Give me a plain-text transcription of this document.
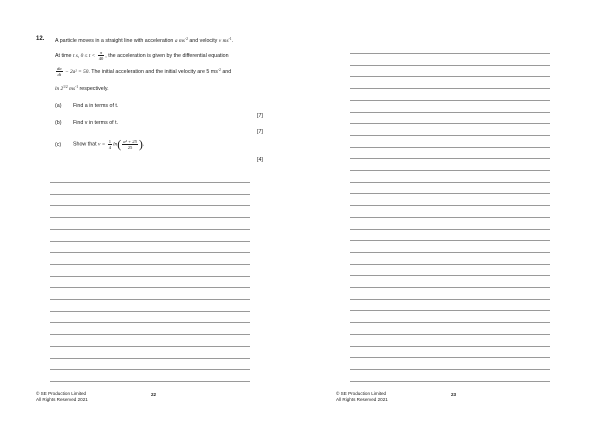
12. A particle moves in a straight line with acceleration a $ms^{-2}$ and velocity v $ms^{-1}$.
At time t s, $0 \le t < \frac{\pi}{40}$ , the acceleration is given by the differential equation
$\frac{da}{dt} - 2a^2 = 50$. The initial acceleration and the initial velocity are 5 $ms^{-2}$ and
$\ln 2^{1/2}$ $ms^{-1}$ respectively.
(a) Find a in terms of t.
[7]
(b) Find v in terms of t.
[7]
(c) Show that $v = \frac{1}{4} \ln( \frac{\text{a² + 25}}{25}$ ).
[4]
© SE Production Limited
All Rights Reserved 2021
22	© SE Production Limited
All Rights Reserved 2021
23
